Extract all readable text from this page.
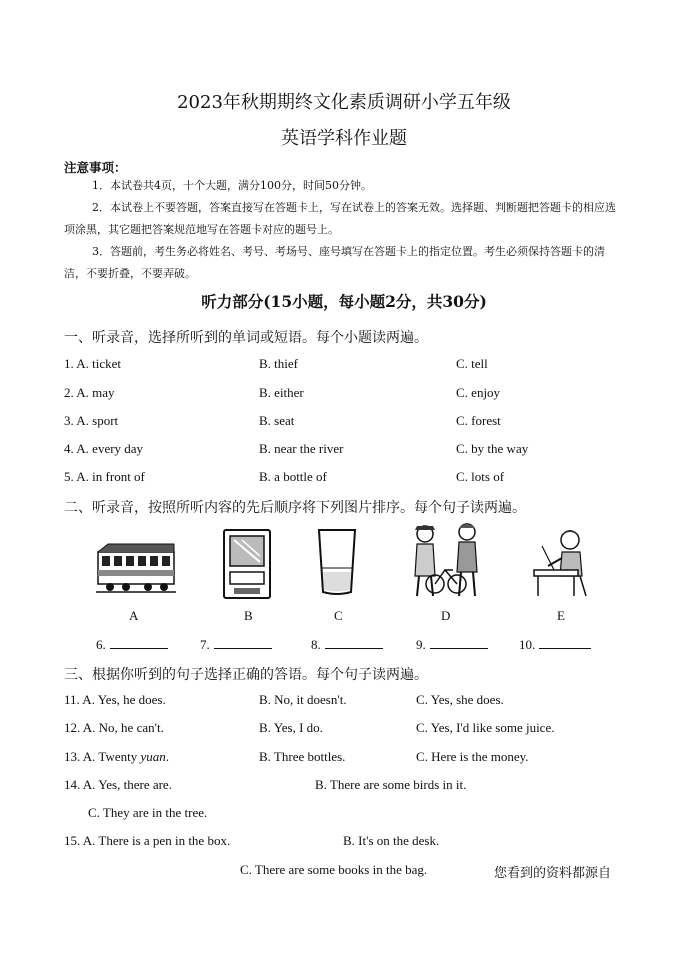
2023年秋期期终文化素质调研小学五年级
英语学科作业题
注意事项：
1．本试卷共4页，十个大题，满分100分，时间50分钟。
2．本试卷上不要答题，答案直接写在答题卡上，写在试卷上的答案无效。选择题、判断题把答题卡的相应选项涂黑，其它题把答案规范地写在答题卡对应的题号上。
3．答题前，考生务必将姓名、考号、考场号、座号填写在答题卡上的指定位置。考生必须保持答题卡的清洁，不要折叠，不要弄破。
听力部分(15小题，每小题2分，共30分)
一、听录音，选择所听到的单词或短语。每个小题读两遍。
1. A. ticket	B. thief	C. tell
2. A. may	B. either	C. enjoy
3. A. sport	B. seat	C. forest
4. A. every day	B. near the river	C. by the way
5. A. in front of	B. a bottle of	C. lots of
二、听录音，按照所听内容的先后顺序将下列图片排序。每个句子读两遍。
A	B	C	D	E
6.	7.	8.	9.	10.
三、根据你听到的句子选择正确的答语。每个句子读两遍。
11. A. Yes, he does.	B. No, it doesn't.	C. Yes, she does.
12. A. No, he can't.	B. Yes, I do.	C. Yes, I'd like some juice.
13. A. Twenty yuan.	B. Three bottles.	C. Here is the money.
14. A. Yes, there are.	B. There are some birds in it.
C. They are in the tree.
15. A. There is a pen in the box.	B. It's on the desk.
C. There are some books in the bag.	您看到的资料都源自
